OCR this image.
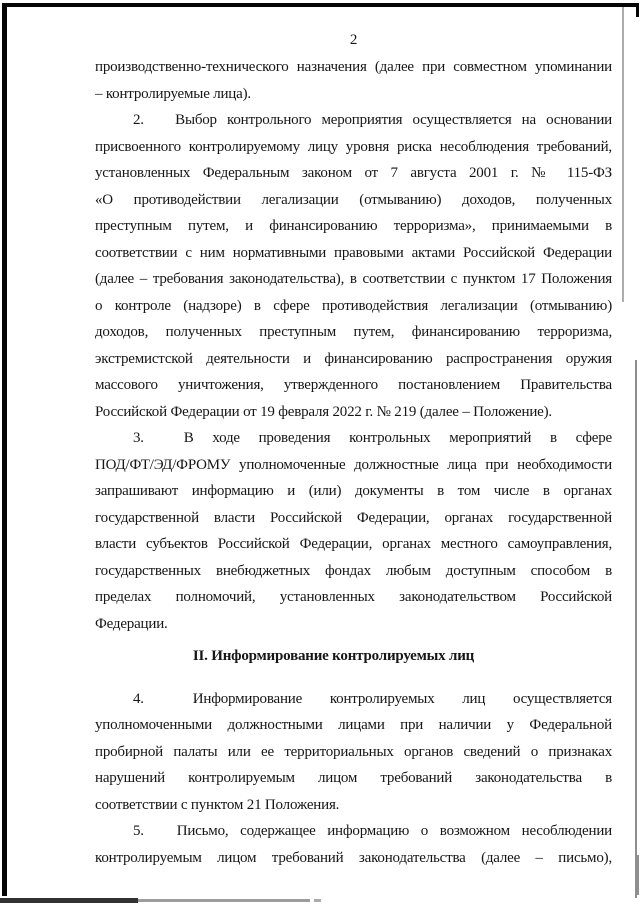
2
производственно-технического назначения (далее при совместном упоминании
– контролируемые лица).
2. Выбор контрольного мероприятия осуществляется на основании
присвоенного контролируемому лицу уровня риска несоблюдения требований,
установленных Федеральным законом от 7 августа 2001 г. № 115-ФЗ
«О противодействии легализации (отмыванию) доходов, полученных
преступным путем, и финансированию терроризма», принимаемыми в
соответствии с ним нормативными правовыми актами Российской Федерации
(далее – требования законодательства), в соответствии с пунктом 17 Положения
о контроле (надзоре) в сфере противодействия легализации (отмыванию)
доходов, полученных преступным путем, финансированию терроризма,
экстремистской деятельности и финансированию распространения оружия
массового уничтожения, утвержденного постановлением Правительства
Российской Федерации от 19 февраля 2022 г. № 219 (далее – Положение).
3.	В ходе проведения контрольных мероприятий в сфере
ПОД/ФТ/ЭД/ФРОМУ уполномоченные должностные лица при необходимости
запрашивают информацию и (или) документы в том числе в органах
государственной власти Российской Федерации, органах государственной
власти субъектов Российской Федерации, органах местного самоуправления,
государственных внебюджетных фондах любым доступным способом в
пределах полномочий, установленных законодательством Российской
Федерации.
II. Информирование контролируемых лиц
4.	Информирование контролируемых лиц осуществляется
уполномоченными должностными лицами при наличии у Федеральной
пробирной палаты или ее территориальных органов сведений о признаках
нарушений контролируемым лицом требований законодательства в
соответствии с пунктом 21 Положения.
5. Письмо, содержащее информацию о возможном несоблюдении
контролируемым лицом требований законодательства (далее – письмо),
